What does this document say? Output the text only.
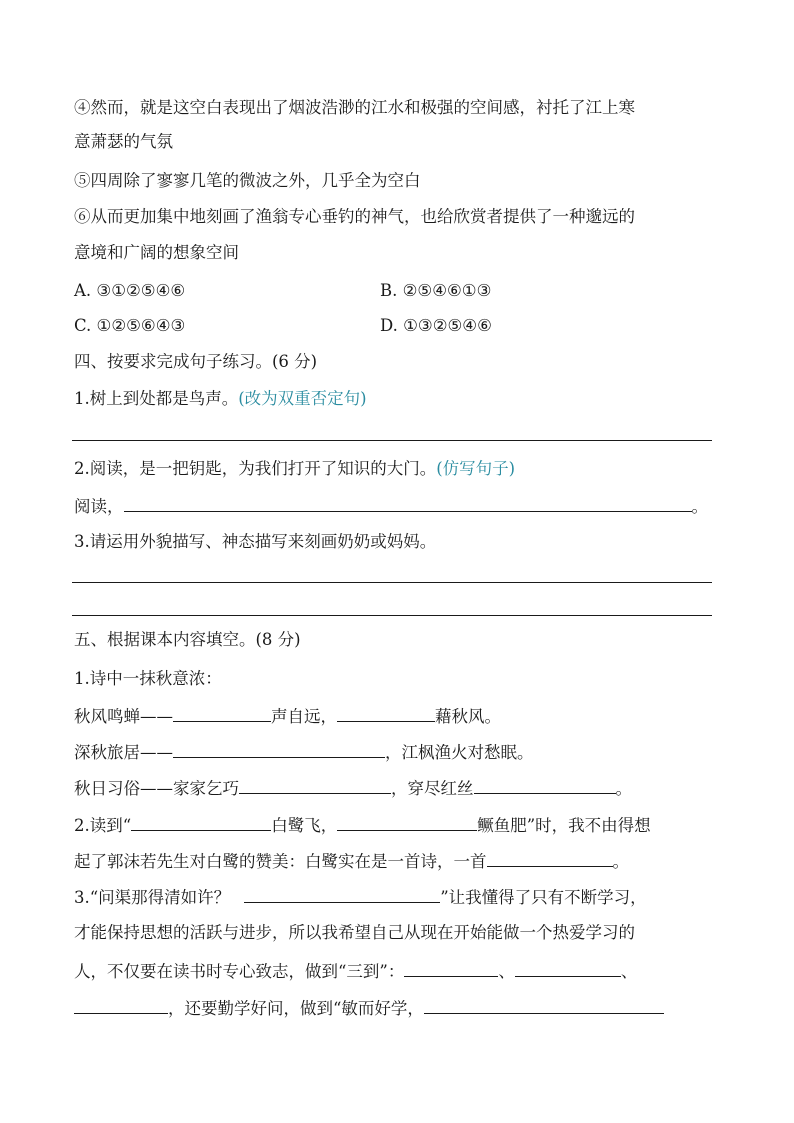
④然而，就是这空白表现出了烟波浩渺的江水和极强的空间感，衬托了江上寒
意萧瑟的气氛
⑤四周除了寥寥几笔的微波之外，几乎全为空白
⑥从而更加集中地刻画了渔翁专心垂钓的神气，也给欣赏者提供了一种邈远的
意境和广阔的想象空间
A. ③①②⑤④⑥	B. ②⑤④⑥①③
C. ①②⑤⑥④③	D. ①③②⑤④⑥
四、按要求完成句子练习。(6 分)
1.树上到处都是鸟声。(改为双重否定句)
2.阅读，是一把钥匙，为我们打开了知识的大门。(仿写句子)
阅读，	。
3.请运用外貌描写、神态描写来刻画奶奶或妈妈。
五、根据课本内容填空。(8 分)
1.诗中一抹秋意浓：
秋风鸣蝉——	声自远，	藉秋风。
深秋旅居——	，江枫渔火对愁眠。
秋日习俗——家家乞巧	，穿尽红丝	。
2.读到“	白鹭飞，	鳜鱼肥”时，我不由得想
起了郭沫若先生对白鹭的赞美：白鹭实在是一首诗，一首	。
3.“问渠那得清如许？	”让我懂得了只有不断学习，
才能保持思想的活跃与进步，所以我希望自己从现在开始能做一个热爱学习的
人，不仅要在读书时专心致志，做到“三到”：	、	、
，还要勤学好问，做到“敏而好学，
